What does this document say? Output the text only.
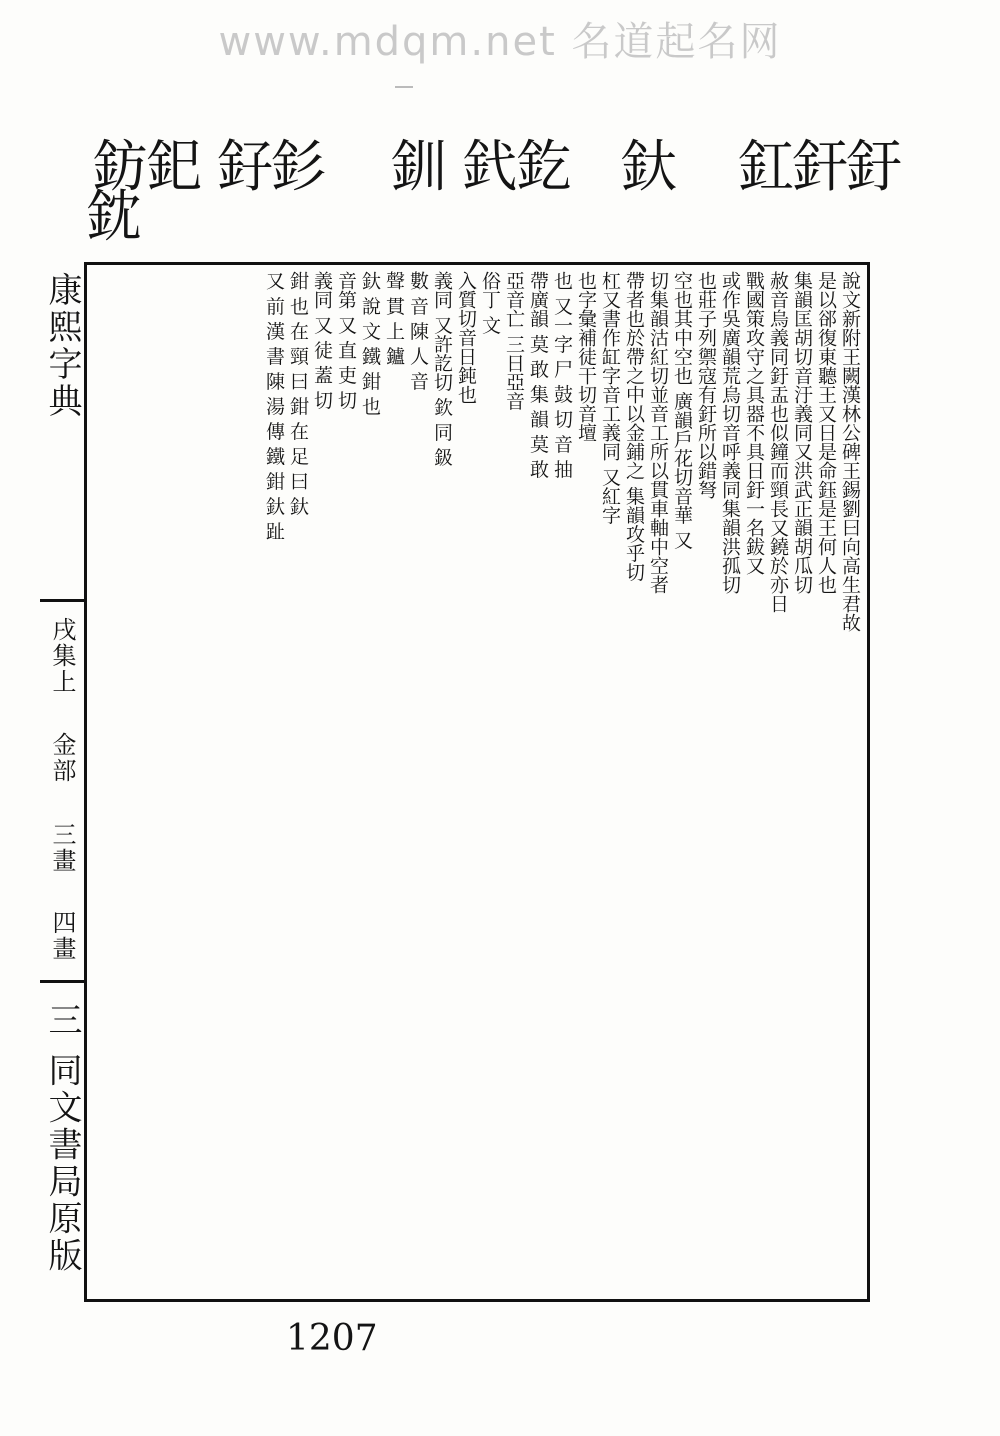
www.mdqm.net 名道起名网
釭釬釪
釱
釴釳
釧
釨釤
鈁釲
鈂
康熙字典
戌集上
金部
三畫
四畫
三 同文書局原版
說文新附王闕漢林公碑王錫劉曰向高生君故
是以郤復東聽王又日是命鈺是王何人也
集韻匡胡切音汙義同又洪武正韻胡瓜切
赦音烏義同釪盂也似鐘而頸長又鐃於亦日
戰國策攻守之具器不具日釪一名鈸又
或作吳廣韻荒烏切音呼義同集韻洪孤切
也莊子列禦寇有釪所以錯弩
空也其中空也 廣韻戶花切音華 又
切集韻沽紅切並音工所以貫車軸中空者
帶者也於帶之中以金鋪之 集韻攻乎切
杠又書作缸字音工義同 又紅字
也字彙補徒干切音壇
也 又一字 尸 鼓 切 音 抽
帶廣韻 莫 敢 集 韻 莫 敢
亞音亡 三日亞音
俗丁 文
入質切音日鈍也
義同 又許訖切 欽 同 鈒
數 音 陳 人 音
聲 貫 上 鑪
釱 說 文 鐵 鉗 也
音第 又 直 吏 切
義同 又 徒 蓋 切
鉗 也 在 頸 曰 鉗 在 足 曰 釱
又 前 漢 書 陳 湯 傳 鐵 鉗 釱 趾
1207
